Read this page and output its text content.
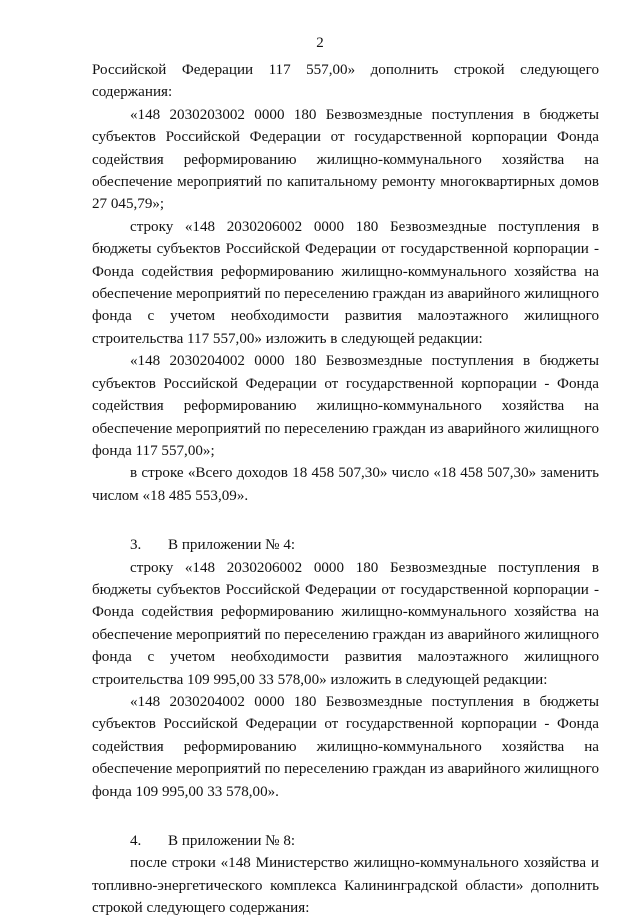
2

Российской Федерации 117 557,00» дополнить строкой следующего содержания:

«148 2030203002 0000 180 Безвозмездные поступления в бюджеты субъектов Российской Федерации от государственной корпорации Фонда содействия реформированию жилищно-коммунального хозяйства на обеспечение мероприятий по капитальному ремонту многоквартирных домов 27 045,79»;

строку «148 2030206002 0000 180 Безвозмездные поступления в бюджеты субъектов Российской Федерации от государственной корпорации - Фонда содействия реформированию жилищно-коммунального хозяйства на обеспечение мероприятий по переселению граждан из аварийного жилищного фонда с учетом необходимости развития малоэтажного жилищного строительства 117 557,00» изложить в следующей редакции:

«148 2030204002 0000 180 Безвозмездные поступления в бюджеты субъектов Российской Федерации от государственной корпорации - Фонда содействия реформированию жилищно-коммунального хозяйства на обеспечение мероприятий по переселению граждан из аварийного жилищного фонда 117 557,00»;

в строке «Всего доходов 18 458 507,30» число «18 458 507,30» заменить числом «18 485 553,09».

3. В приложении № 4:

строку «148 2030206002 0000 180 Безвозмездные поступления в бюджеты субъектов Российской Федерации от государственной корпорации - Фонда содействия реформированию жилищно-коммунального хозяйства на обеспечение мероприятий по переселению граждан из аварийного жилищного фонда с учетом необходимости развития малоэтажного жилищного строительства 109 995,00 33 578,00» изложить в следующей редакции:

«148 2030204002 0000 180 Безвозмездные поступления в бюджеты субъектов Российской Федерации от государственной корпорации - Фонда содействия реформированию жилищно-коммунального хозяйства на обеспечение мероприятий по переселению граждан из аварийного жилищного фонда 109 995,00 33 578,00».

4. В приложении № 8:

после строки «148 Министерство жилищно-коммунального хозяйства и топливно-энергетического комплекса Калининградской области» дополнить строкой следующего содержания:
